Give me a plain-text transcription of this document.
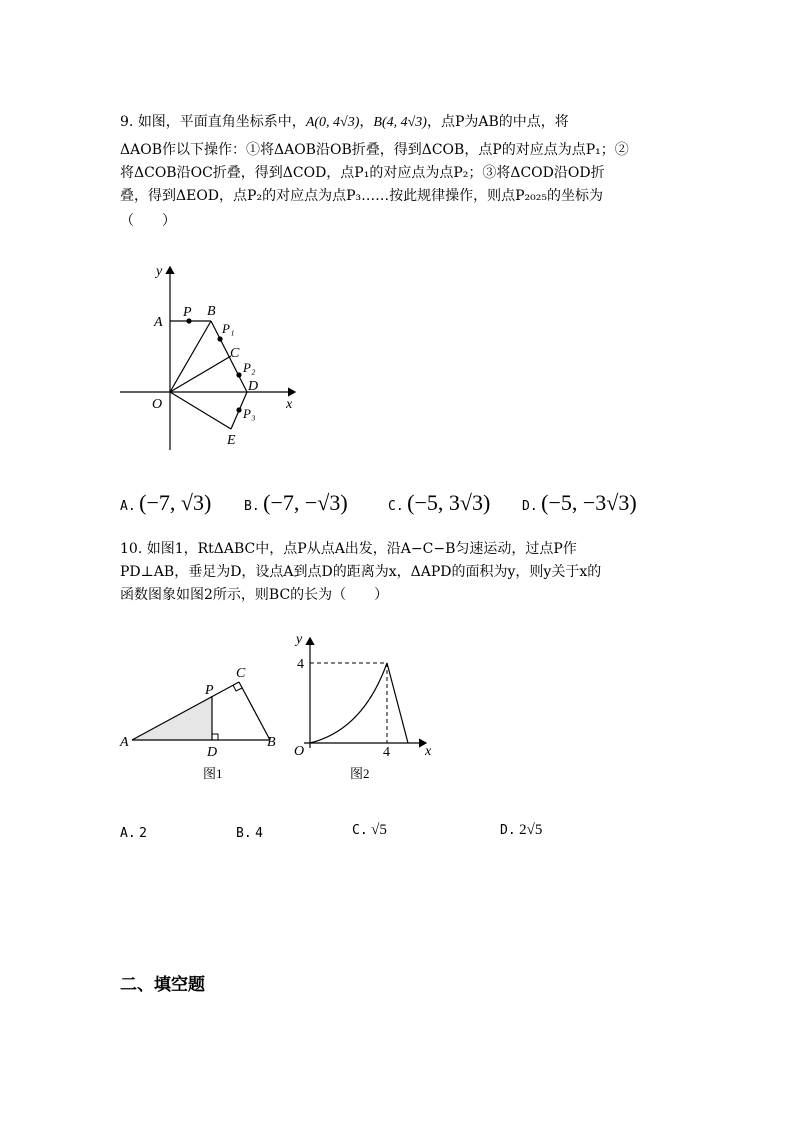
9. 如图，平面直角坐标系中，A(0, 4√3)，B(4, 4√3)，点P为AB的中点，将
ΔAOB作以下操作：①将ΔAOB沿OB折叠，得到ΔCOB，点P的对应点为点P₁；②
将ΔCOB沿OC折叠，得到ΔCOD，点P₁的对应点为点P₂；③将ΔCOD沿OD折
叠，得到ΔEOD，点P₂的对应点为点P₃……按此规律操作，则点P₂₀₂₅的坐标为
（　　）
y
x
O
A
P B
P₁
C
P₂
D
P₃
E
A. (−7, √3)	B. (−7, −√3)	C. (−5, 3√3) D. (−5, −3√3)
10. 如图1，RtΔABC中，点P从点A出发，沿A−C−B匀速运动，过点P作
PD⊥AB，垂足为D，设点A到点D的距离为x，ΔAPD的面积为y，则y关于x的
函数图象如图2所示，则BC的长为（　　）
A	B
C
P
D
图1
y
x
O
4
4
图2
A. 2	B. 4	C. √5	D. 2√5
二、填空题
